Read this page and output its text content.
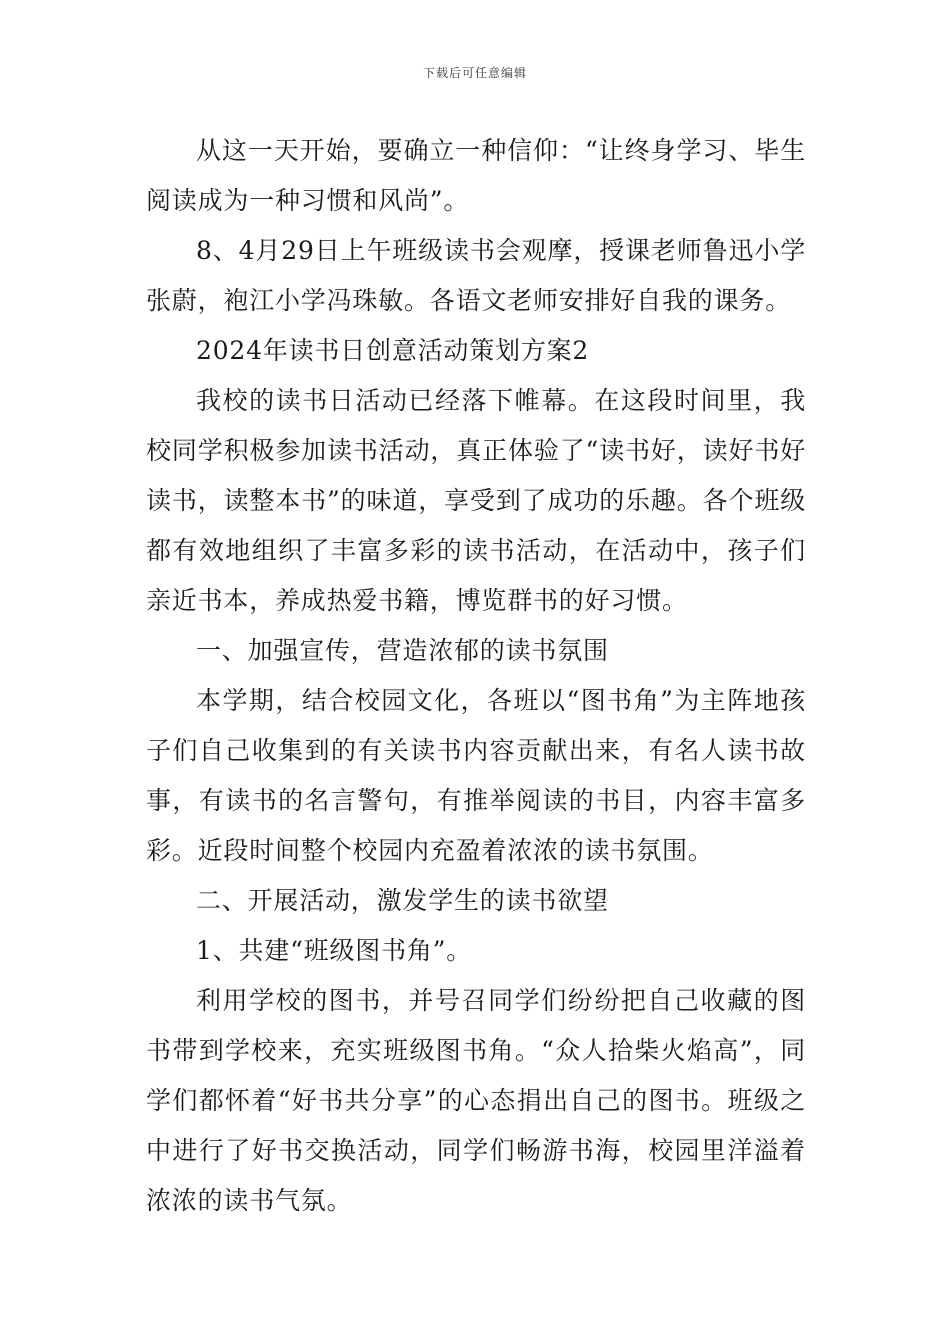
下载后可任意编辑

从这一天开始，要确立一种信仰：“让终身学习、毕生阅读成为一种习惯和风尚”。

8、4月29日上午班级读书会观摩，授课老师鲁迅小学张蔚，袍江小学冯珠敏。各语文老师安排好自我的课务。

2024年读书日创意活动策划方案2

我校的读书日活动已经落下帷幕。在这段时间里，我校同学积极参加读书活动，真正体验了“读书好，读好书好读书，读整本书”的味道，享受到了成功的乐趣。各个班级都有效地组织了丰富多彩的读书活动，在活动中，孩子们亲近书本，养成热爱书籍，博览群书的好习惯。

一、加强宣传，营造浓郁的读书氛围

本学期，结合校园文化，各班以“图书角”为主阵地孩子们自己收集到的有关读书内容贡献出来，有名人读书故事，有读书的名言警句，有推举阅读的书目，内容丰富多彩。近段时间整个校园内充盈着浓浓的读书氛围。

二、开展活动，激发学生的读书欲望

1、共建“班级图书角”。

利用学校的图书，并号召同学们纷纷把自己收藏的图书带到学校来，充实班级图书角。“众人拾柴火焰高”，同学们都怀着“好书共分享”的心态捐出自己的图书。班级之中进行了好书交换活动，同学们畅游书海，校园里洋溢着浓浓的读书气氛。
